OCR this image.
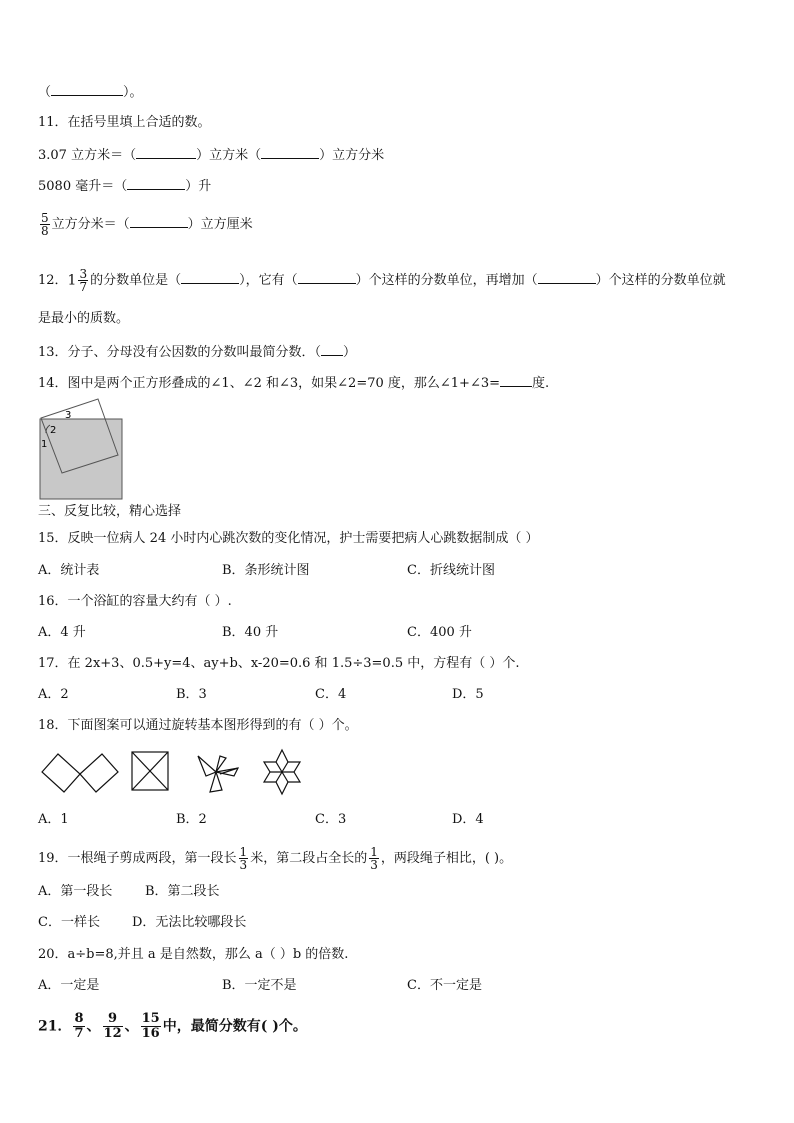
（	）。
11．在括号里填上合适的数。
3.07 立方米＝（	）立方米（	）立方分米
5080 毫升＝（	）升
$\frac{5}{8}$ 立方分米＝（	）立方厘米
12．$1 \frac{3}{7}$ 的分数单位是（	），它有（	）个这样的分数单位，再增加（	）个这样的分数单位就
是最小的质数。
13．分子、分母没有公因数的分数叫最简分数．（ ）
14．图中是两个正方形叠成的∠1、∠2 和∠3，如果∠2=70 度，那么∠1+∠3= 度.
1
2
3
三、反复比较，精心选择
15．反映一位病人 24 小时内心跳次数的变化情况，护士需要把病人心跳数据制成（ ）
A．统计表	B．条形统计图	C．折线统计图
16．一个浴缸的容量大约有（ ）.
A．4 升	B．40 升	C．400 升
17．在 2x+3、0.5+y=4、ay+b、x-20=0.6 和 1.5÷3=0.5 中，方程有（ ）个.
A．2	B．3	C．4	D．5
18．下面图案可以通过旋转基本图形得到的有（ ）个。
A．1	B．2	C．3	D．4
19．一根绳子剪成两段，第一段长 $\frac{1}{3}$ 米，第二段占全长的 $\frac{1}{3}$ ，两段绳子相比，( )。
A．第一段长	B．第二段长
C．一样长 D．无法比较哪段长
20．a÷b=8,并且 a 是自然数，那么 a（ ）b 的倍数.
A．一定是	B．一定不是	C．不一定是
21． $\frac{8}{7}$ 、 $\frac{9}{12}$ 、 $\frac{15}{16}$ 中，最简分数有( )个。
